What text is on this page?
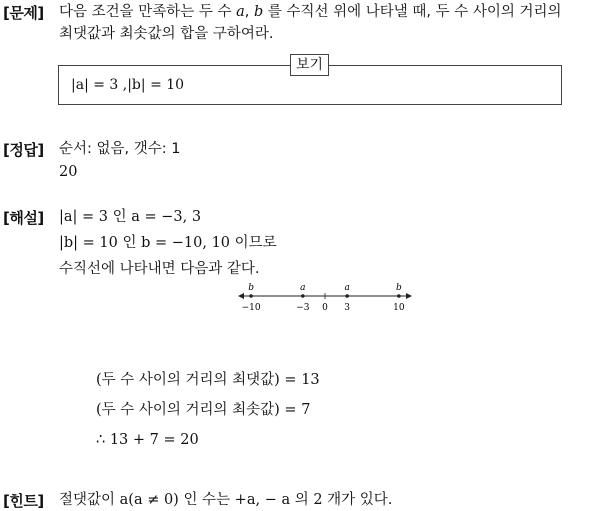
[문제] 다음 조건을 만족하는 두 수 a, b 를 수직선 위에 나타낼 때, 두 수 사이의 거리의
최댓값과 최솟값의 합을 구하여라.
보기
|a| = 3 ,|b| = 10
[정답] 순서: 없음, 갯수: 1
20
[해설] |a| = 3 인 a = −3, 3
|b| = 10 인 b = −10, 10 이므로
수직선에 나타내면 다음과 같다.
b
−10
a
−3 0
a
3
b
10
(두 수 사이의 거리의 최댓값) = 13
(두 수 사이의 거리의 최솟값) = 7
∴ 13 + 7 = 20
[힌트] 절댓값이 a(a ≠ 0) 인 수는 +a, − a 의 2 개가 있다.
